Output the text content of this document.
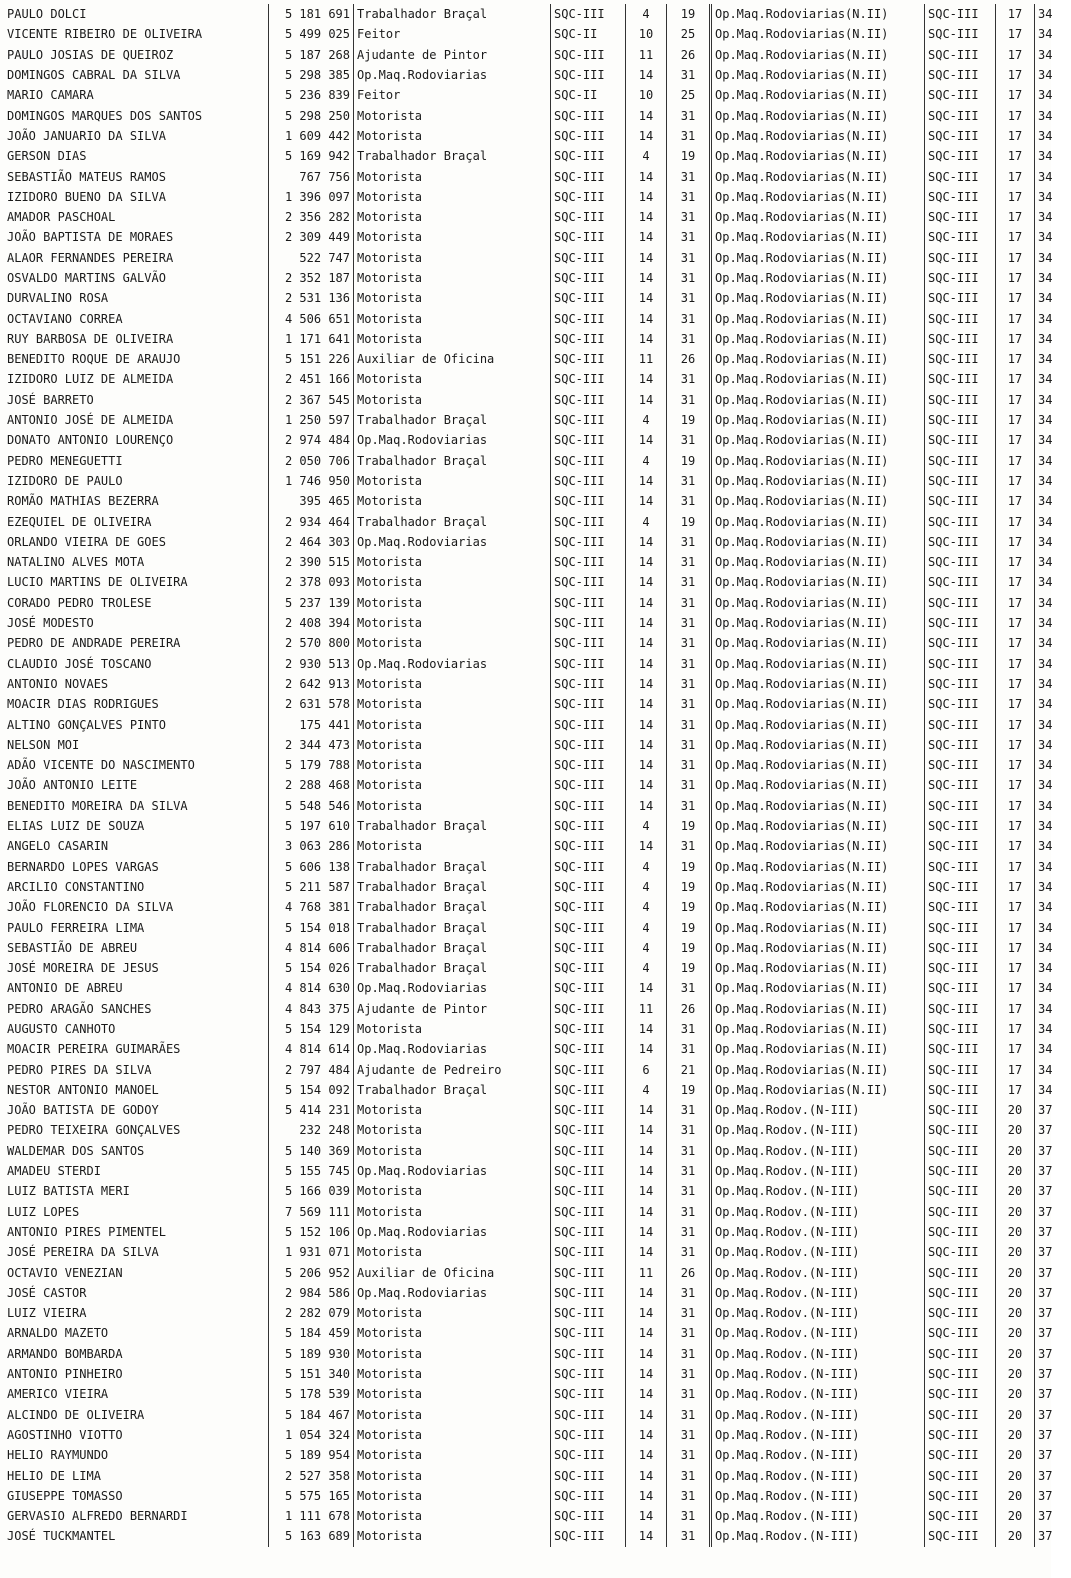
PAULO DOLCI	5 181 691	Trabalhador Braçal	SQC-III	4	19	Op.Maq.Rodoviarias(N.II)	SQC-III	17	34
VICENTE RIBEIRO DE OLIVEIRA	5 499 025	Feitor	SQC-II	10	25	Op.Maq.Rodoviarias(N.II)	SQC-III	17	34
PAULO JOSIAS DE QUEIROZ	5 187 268	Ajudante de Pintor	SQC-III	11	26	Op.Maq.Rodoviarias(N.II)	SQC-III	17	34
DOMINGOS CABRAL DA SILVA	5 298 385	Op.Maq.Rodoviarias	SQC-III	14	31	Op.Maq.Rodoviarias(N.II)	SQC-III	17	34
MARIO CAMARA	5 236 839	Feitor	SQC-II	10	25	Op.Maq.Rodoviarias(N.II)	SQC-III	17	34
DOMINGOS MARQUES DOS SANTOS	5 298 250	Motorista	SQC-III	14	31	Op.Maq.Rodoviarias(N.II)	SQC-III	17	34
JOÃO JANUARIO DA SILVA	1 609 442	Motorista	SQC-III	14	31	Op.Maq.Rodoviarias(N.II)	SQC-III	17	34
GERSON DIAS	5 169 942	Trabalhador Braçal	SQC-III	4	19	Op.Maq.Rodoviarias(N.II)	SQC-III	17	34
SEBASTIÃO MATEUS RAMOS	767 756	Motorista	SQC-III	14	31	Op.Maq.Rodoviarias(N.II)	SQC-III	17	34
IZIDORO BUENO DA SILVA	1 396 097	Motorista	SQC-III	14	31	Op.Maq.Rodoviarias(N.II)	SQC-III	17	34
AMADOR PASCHOAL	2 356 282	Motorista	SQC-III	14	31	Op.Maq.Rodoviarias(N.II)	SQC-III	17	34
JOÃO BAPTISTA DE MORAES	2 309 449	Motorista	SQC-III	14	31	Op.Maq.Rodoviarias(N.II)	SQC-III	17	34
ALAOR FERNANDES PEREIRA	522 747	Motorista	SQC-III	14	31	Op.Maq.Rodoviarias(N.II)	SQC-III	17	34
OSVALDO MARTINS GALVÃO	2 352 187	Motorista	SQC-III	14	31	Op.Maq.Rodoviarias(N.II)	SQC-III	17	34
DURVALINO ROSA	2 531 136	Motorista	SQC-III	14	31	Op.Maq.Rodoviarias(N.II)	SQC-III	17	34
OCTAVIANO CORREA	4 506 651	Motorista	SQC-III	14	31	Op.Maq.Rodoviarias(N.II)	SQC-III	17	34
RUY BARBOSA DE OLIVEIRA	1 171 641	Motorista	SQC-III	14	31	Op.Maq.Rodoviarias(N.II)	SQC-III	17	34
BENEDITO ROQUE DE ARAUJO	5 151 226	Auxiliar de Oficina	SQC-III	11	26	Op.Maq.Rodoviarias(N.II)	SQC-III	17	34
IZIDORO LUIZ DE ALMEIDA	2 451 166	Motorista	SQC-III	14	31	Op.Maq.Rodoviarias(N.II)	SQC-III	17	34
JOSÉ BARRETO	2 367 545	Motorista	SQC-III	14	31	Op.Maq.Rodoviarias(N.II)	SQC-III	17	34
ANTONIO JOSÉ DE ALMEIDA	1 250 597	Trabalhador Braçal	SQC-III	4	19	Op.Maq.Rodoviarias(N.II)	SQC-III	17	34
DONATO ANTONIO LOURENÇO	2 974 484	Op.Maq.Rodoviarias	SQC-III	14	31	Op.Maq.Rodoviarias(N.II)	SQC-III	17	34
PEDRO MENEGUETTI	2 050 706	Trabalhador Braçal	SQC-III	4	19	Op.Maq.Rodoviarias(N.II)	SQC-III	17	34
IZIDORO DE PAULO	1 746 950	Motorista	SQC-III	14	31	Op.Maq.Rodoviarias(N.II)	SQC-III	17	34
ROMÃO MATHIAS BEZERRA	395 465	Motorista	SQC-III	14	31	Op.Maq.Rodoviarias(N.II)	SQC-III	17	34
EZEQUIEL DE OLIVEIRA	2 934 464	Trabalhador Braçal	SQC-III	4	19	Op.Maq.Rodoviarias(N.II)	SQC-III	17	34
ORLANDO VIEIRA DE GOES	2 464 303	Op.Maq.Rodoviarias	SQC-III	14	31	Op.Maq.Rodoviarias(N.II)	SQC-III	17	34
NATALINO ALVES MOTA	2 390 515	Motorista	SQC-III	14	31	Op.Maq.Rodoviarias(N.II)	SQC-III	17	34
LUCIO MARTINS DE OLIVEIRA	2 378 093	Motorista	SQC-III	14	31	Op.Maq.Rodoviarias(N.II)	SQC-III	17	34
CORADO PEDRO TROLESE	5 237 139	Motorista	SQC-III	14	31	Op.Maq.Rodoviarias(N.II)	SQC-III	17	34
JOSÉ MODESTO	2 408 394	Motorista	SQC-III	14	31	Op.Maq.Rodoviarias(N.II)	SQC-III	17	34
PEDRO DE ANDRADE PEREIRA	2 570 800	Motorista	SQC-III	14	31	Op.Maq.Rodoviarias(N.II)	SQC-III	17	34
CLAUDIO JOSÉ TOSCANO	2 930 513	Op.Maq.Rodoviarias	SQC-III	14	31	Op.Maq.Rodoviarias(N.II)	SQC-III	17	34
ANTONIO NOVAES	2 642 913	Motorista	SQC-III	14	31	Op.Maq.Rodoviarias(N.II)	SQC-III	17	34
MOACIR DIAS RODRIGUES	2 631 578	Motorista	SQC-III	14	31	Op.Maq.Rodoviarias(N.II)	SQC-III	17	34
ALTINO GONÇALVES PINTO	175 441	Motorista	SQC-III	14	31	Op.Maq.Rodoviarias(N.II)	SQC-III	17	34
NELSON MOI	2 344 473	Motorista	SQC-III	14	31	Op.Maq.Rodoviarias(N.II)	SQC-III	17	34
ADÃO VICENTE DO NASCIMENTO	5 179 788	Motorista	SQC-III	14	31	Op.Maq.Rodoviarias(N.II)	SQC-III	17	34
JOÃO ANTONIO LEITE	2 288 468	Motorista	SQC-III	14	31	Op.Maq.Rodoviarias(N.II)	SQC-III	17	34
BENEDITO MOREIRA DA SILVA	5 548 546	Motorista	SQC-III	14	31	Op.Maq.Rodoviarias(N.II)	SQC-III	17	34
ELIAS LUIZ DE SOUZA	5 197 610	Trabalhador Braçal	SQC-III	4	19	Op.Maq.Rodoviarias(N.II)	SQC-III	17	34
ANGELO CASARIN	3 063 286	Motorista	SQC-III	14	31	Op.Maq.Rodoviarias(N.II)	SQC-III	17	34
BERNARDO LOPES VARGAS	5 606 138	Trabalhador Braçal	SQC-III	4	19	Op.Maq.Rodoviarias(N.II)	SQC-III	17	34
ARCILIO CONSTANTINO	5 211 587	Trabalhador Braçal	SQC-III	4	19	Op.Maq.Rodoviarias(N.II)	SQC-III	17	34
JOÃO FLORENCIO DA SILVA	4 768 381	Trabalhador Braçal	SQC-III	4	19	Op.Maq.Rodoviarias(N.II)	SQC-III	17	34
PAULO FERREIRA LIMA	5 154 018	Trabalhador Braçal	SQC-III	4	19	Op.Maq.Rodoviarias(N.II)	SQC-III	17	34
SEBASTIÃO DE ABREU	4 814 606	Trabalhador Braçal	SQC-III	4	19	Op.Maq.Rodoviarias(N.II)	SQC-III	17	34
JOSÉ MOREIRA DE JESUS	5 154 026	Trabalhador Braçal	SQC-III	4	19	Op.Maq.Rodoviarias(N.II)	SQC-III	17	34
ANTONIO DE ABREU	4 814 630	Op.Maq.Rodoviarias	SQC-III	14	31	Op.Maq.Rodoviarias(N.II)	SQC-III	17	34
PEDRO ARAGÃO SANCHES	4 843 375	Ajudante de Pintor	SQC-III	11	26	Op.Maq.Rodoviarias(N.II)	SQC-III	17	34
AUGUSTO CANHOTO	5 154 129	Motorista	SQC-III	14	31	Op.Maq.Rodoviarias(N.II)	SQC-III	17	34
MOACIR PEREIRA GUIMARÃES	4 814 614	Op.Maq.Rodoviarias	SQC-III	14	31	Op.Maq.Rodoviarias(N.II)	SQC-III	17	34
PEDRO PIRES DA SILVA	2 797 484	Ajudante de Pedreiro	SQC-III	6	21	Op.Maq.Rodoviarias(N.II)	SQC-III	17	34
NESTOR ANTONIO MANOEL	5 154 092	Trabalhador Braçal	SQC-III	4	19	Op.Maq.Rodoviarias(N.II)	SQC-III	17	34
JOÃO BATISTA DE GODOY	5 414 231	Motorista	SQC-III	14	31	Op.Maq.Rodov.(N-III)	SQC-III	20	37
PEDRO TEIXEIRA GONÇALVES	232 248	Motorista	SQC-III	14	31	Op.Maq.Rodov.(N-III)	SQC-III	20	37
WALDEMAR DOS SANTOS	5 140 369	Motorista	SQC-III	14	31	Op.Maq.Rodov.(N-III)	SQC-III	20	37
AMADEU STERDI	5 155 745	Op.Maq.Rodoviarias	SQC-III	14	31	Op.Maq.Rodov.(N-III)	SQC-III	20	37
LUIZ BATISTA MERI	5 166 039	Motorista	SQC-III	14	31	Op.Maq.Rodov.(N-III)	SQC-III	20	37
LUIZ LOPES	7 569 111	Motorista	SQC-III	14	31	Op.Maq.Rodov.(N-III)	SQC-III	20	37
ANTONIO PIRES PIMENTEL	5 152 106	Op.Maq.Rodoviarias	SQC-III	14	31	Op.Maq.Rodov.(N-III)	SQC-III	20	37
JOSÉ PEREIRA DA SILVA	1 931 071	Motorista	SQC-III	14	31	Op.Maq.Rodov.(N-III)	SQC-III	20	37
OCTAVIO VENEZIAN	5 206 952	Auxiliar de Oficina	SQC-III	11	26	Op.Maq.Rodov.(N-III)	SQC-III	20	37
JOSÉ CASTOR	2 984 586	Op.Maq.Rodoviarias	SQC-III	14	31	Op.Maq.Rodov.(N-III)	SQC-III	20	37
LUIZ VIEIRA	2 282 079	Motorista	SQC-III	14	31	Op.Maq.Rodov.(N-III)	SQC-III	20	37
ARNALDO MAZETO	5 184 459	Motorista	SQC-III	14	31	Op.Maq.Rodov.(N-III)	SQC-III	20	37
ARMANDO BOMBARDA	5 189 930	Motorista	SQC-III	14	31	Op.Maq.Rodov.(N-III)	SQC-III	20	37
ANTONIO PINHEIRO	5 151 340	Motorista	SQC-III	14	31	Op.Maq.Rodov.(N-III)	SQC-III	20	37
AMERICO VIEIRA	5 178 539	Motorista	SQC-III	14	31	Op.Maq.Rodov.(N-III)	SQC-III	20	37
ALCINDO DE OLIVEIRA	5 184 467	Motorista	SQC-III	14	31	Op.Maq.Rodov.(N-III)	SQC-III	20	37
AGOSTINHO VIOTTO	1 054 324	Motorista	SQC-III	14	31	Op.Maq.Rodov.(N-III)	SQC-III	20	37
HELIO RAYMUNDO	5 189 954	Motorista	SQC-III	14	31	Op.Maq.Rodov.(N-III)	SQC-III	20	37
HELIO DE LIMA	2 527 358	Motorista	SQC-III	14	31	Op.Maq.Rodov.(N-III)	SQC-III	20	37
GIUSEPPE TOMASSO	5 575 165	Motorista	SQC-III	14	31	Op.Maq.Rodov.(N-III)	SQC-III	20	37
GERVASIO ALFREDO BERNARDI	1 111 678	Motorista	SQC-III	14	31	Op.Maq.Rodov.(N-III)	SQC-III	20	37
JOSÉ TUCKMANTEL	5 163 689	Motorista	SQC-III	14	31	Op.Maq.Rodov.(N-III)	SQC-III	20	37
